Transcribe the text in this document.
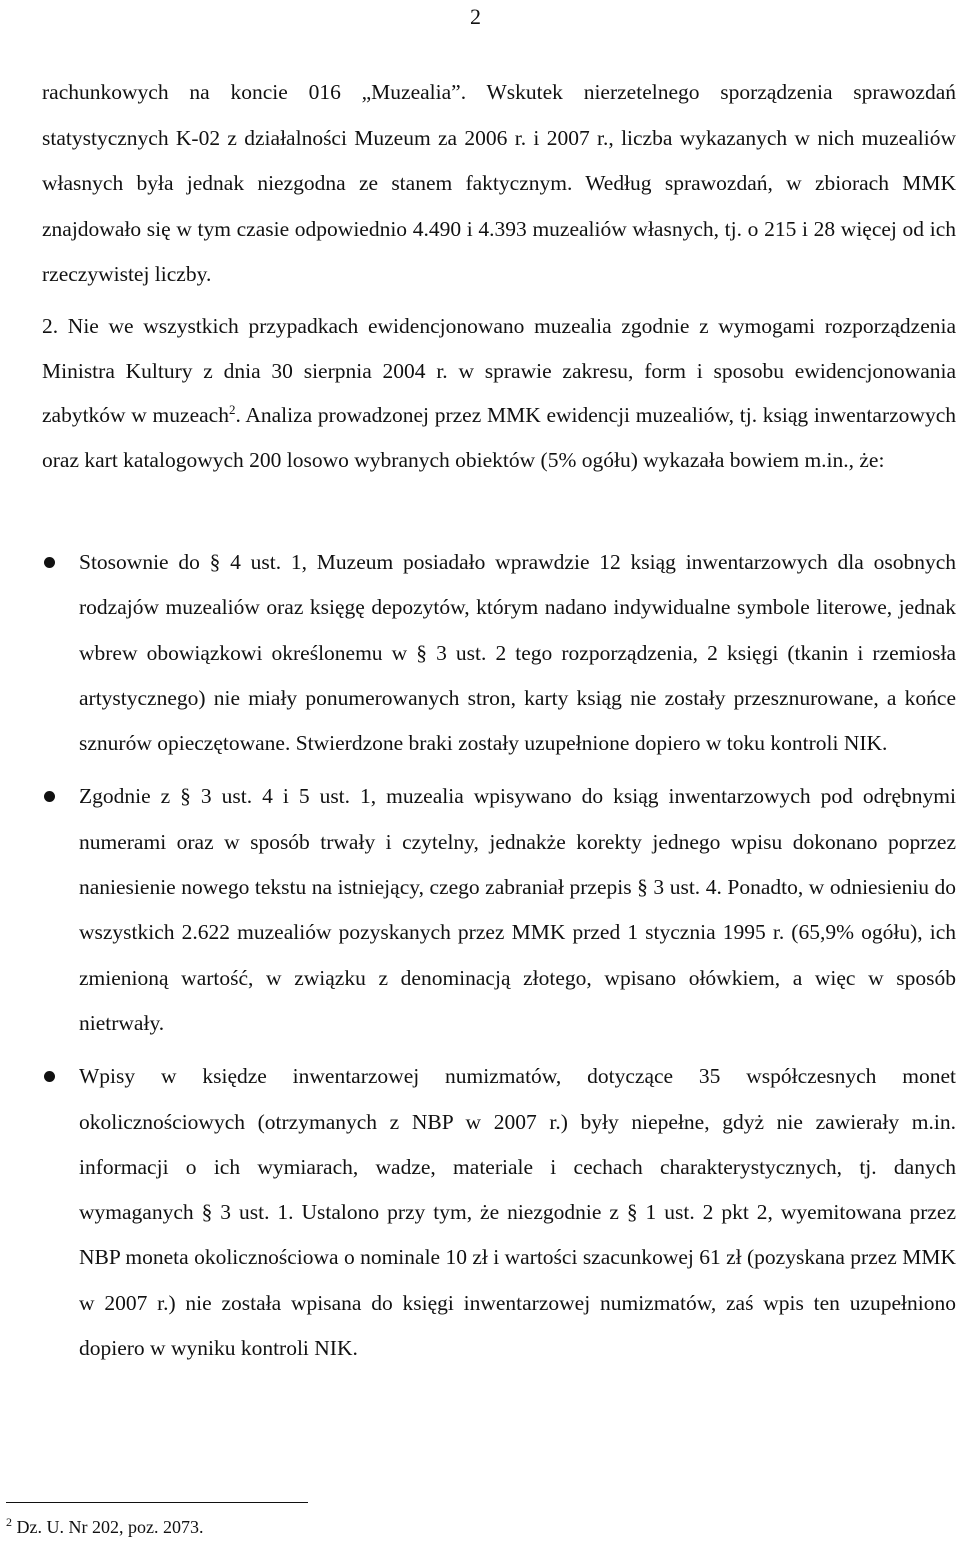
2

rachunkowych na koncie 016 „Muzealia”. Wskutek nierzetelnego sporządzenia sprawozdań statystycznych K-02 z działalności Muzeum za 2006 r. i 2007 r., liczba wykazanych w nich muzealiów własnych była jednak niezgodna ze stanem faktycznym. Według sprawozdań, w zbiorach MMK znajdowało się w tym czasie odpowiednio 4.490 i 4.393 muzealiów własnych, tj. o 215 i 28 więcej od ich rzeczywistej liczby.

2. Nie we wszystkich przypadkach ewidencjonowano muzealia zgodnie z wymogami rozporządzenia Ministra Kultury z dnia 30 sierpnia 2004 r. w sprawie zakresu, form i sposobu ewidencjonowania zabytków w muzeach$^2$. Analiza prowadzonej przez MMK ewidencji muzealiów, tj. ksiąg inwentarzowych oraz kart katalogowych 200 losowo wybranych obiektów (5% ogółu) wykazała bowiem m.in., że:

Stosownie do § 4 ust. 1, Muzeum posiadało wprawdzie 12 ksiąg inwentarzowych dla osobnych rodzajów muzealiów oraz księgę depozytów, którym nadano indywidualne symbole literowe, jednak wbrew obowiązkowi określonemu w § 3 ust. 2 tego rozporządzenia, 2 księgi (tkanin i rzemiosła artystycznego) nie miały ponumerowanych stron, karty ksiąg nie zostały przesznurowane, a końce sznurów opieczętowane. Stwierdzone braki zostały uzupełnione dopiero w toku kontroli NIK.
Zgodnie z § 3 ust. 4 i 5 ust. 1, muzealia wpisywano do ksiąg inwentarzowych pod odrębnymi numerami oraz w sposób trwały i czytelny, jednakże korekty jednego wpisu dokonano poprzez naniesienie nowego tekstu na istniejący, czego zabraniał przepis § 3 ust. 4. Ponadto, w odniesieniu do wszystkich 2.622 muzealiów pozyskanych przez MMK przed 1 stycznia 1995 r. (65,9% ogółu), ich zmienioną wartość, w związku z denominacją złotego, wpisano ołówkiem, a więc w sposób nietrwały.
Wpisy w księdze inwentarzowej numizmatów, dotyczące 35 współczesnych monet okolicznościowych (otrzymanych z NBP w 2007 r.) były niepełne, gdyż nie zawierały m.in. informacji o ich wymiarach, wadze, materiale i cechach charakterystycznych, tj. danych wymaganych § 3 ust. 1. Ustalono przy tym, że niezgodnie z § 1 ust. 2 pkt 2, wyemitowana przez NBP moneta okolicznościowa o nominale 10 zł i wartości szacunkowej 61 zł (pozyskana przez MMK w 2007 r.) nie została wpisana do księgi inwentarzowej numizmatów, zaś wpis ten uzupełniono dopiero w wyniku kontroli NIK.
$^2$ Dz. U. Nr 202, poz. 2073.
